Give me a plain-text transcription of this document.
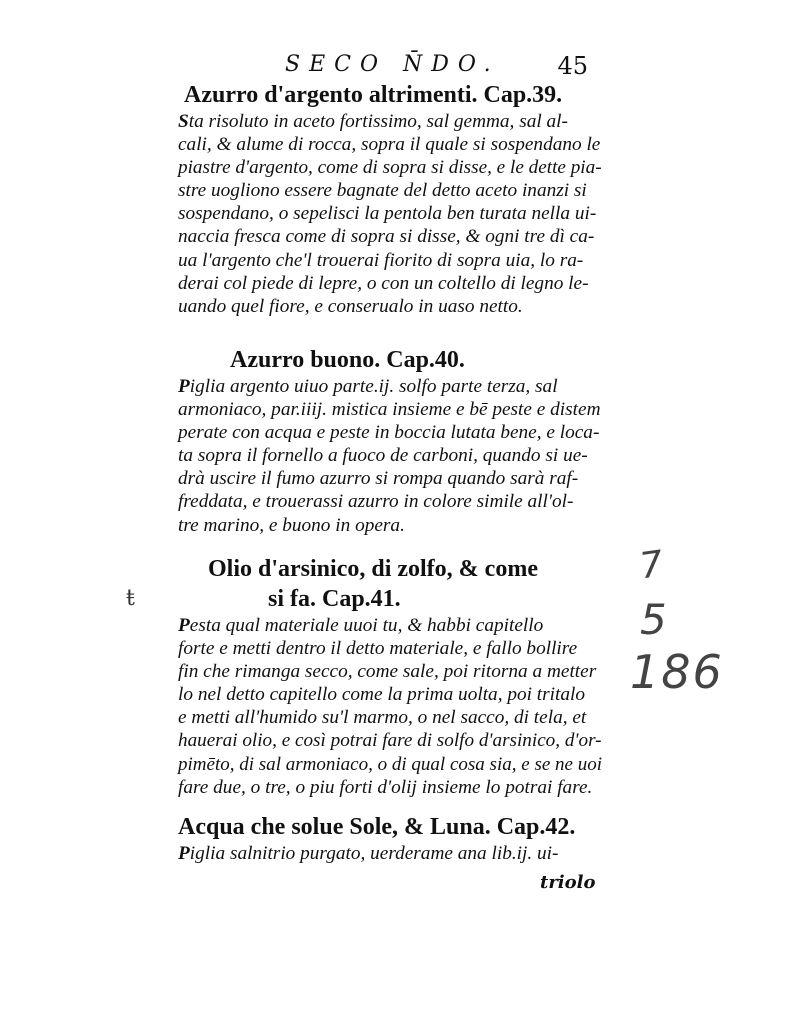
SECO N̄DO. 45
Azurro d'argento altrimenti. Cap.39.
Sta risoluto in aceto fortissimo, sal gemma, sal al-
cali, & alume di rocca, sopra il quale si sospendano le
piastre d'argento, come di sopra si disse, e le dette pia-
stre uogliono essere bagnate del detto aceto inanzi si
sospendano, o sepelisci la pentola ben turata nella ui-
naccia fresca come di sopra si disse, & ogni tre dì ca-
ua l'argento che'l trouerai fiorito di sopra uia, lo ra-
derai col piede di lepre, o con un coltello di legno le-
uando quel fiore, e conserualo in uaso netto.
Azurro buono. Cap.40.
Piglia argento uiuo parte.ij. solfo parte terza, sal
armoniaco, par.iiij. mistica insieme e bē peste e distem
perate con acqua e peste in boccia lutata bene, e loca-
ta sopra il fornello a fuoco de carboni, quando si ue-
drà uscire il fumo azurro si rompa quando sarà raf-
freddata, e trouerassi azurro in colore simile all'ol-
tre marino, e buono in opera.
Olio d'arsinico, di zolfo, & come
si fa. Cap.41.
Pesta qual materiale uuoi tu, & habbi capitello
forte e metti dentro il detto materiale, e fallo bollire
fin che rimanga secco, come sale, poi ritorna a metter
lo nel detto capitello come la prima uolta, poi tritalo
e metti all'humido su'l marmo, o nel sacco, di tela, et
hauerai olio, e così potrai fare di solfo d'arsinico, d'or- pimēto, di sal armoniaco, o di qual cosa sia, e se ne uoi
fare due, o tre, o piu forti d'olij insieme lo potrai fare.
Acqua che solue Sole, & Luna. Cap.42.
Piglia salnitrio purgato, uerderame ana lib.ij. ui-
triolo
ŧ
7
5
186
